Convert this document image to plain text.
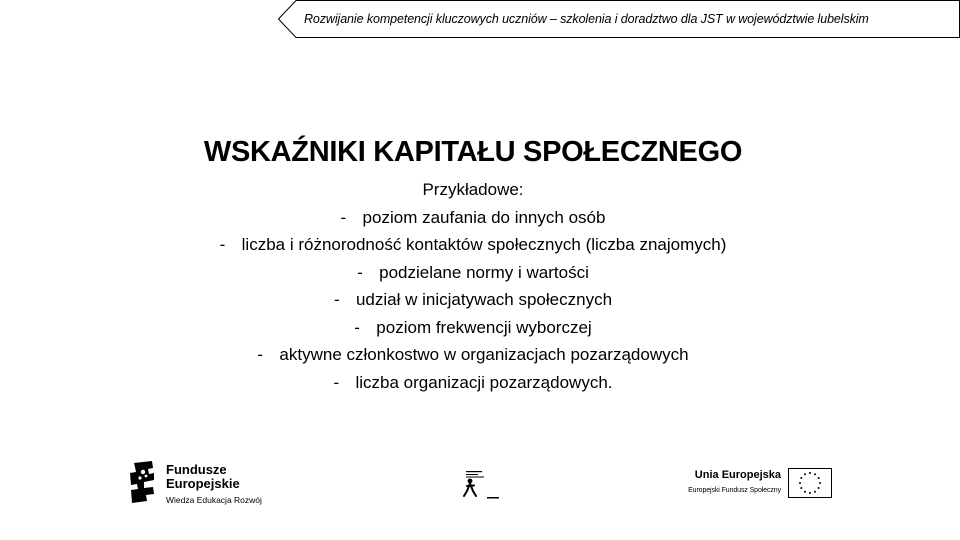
Rozwijanie kompetencji kluczowych uczniów – szkolenia i doradztwo dla JST w województwie lubelskim
WSKAŹNIKI KAPITAŁU SPOŁECZNEGO
Przykładowe:
- poziom zaufania do innych osób
- liczba i różnorodność kontaktów społecznych (liczba znajomych)
- podzielane normy i wartości
- udział w inicjatywach społecznych
- poziom frekwencji wyborczej
- aktywne członkostwo w organizacjach pozarządowych
- liczba organizacji pozarządowych.
Fundusze
Europejskie
Wiedza Edukacja Rozwój
Unia Europejska
Europejski Fundusz Społeczny
